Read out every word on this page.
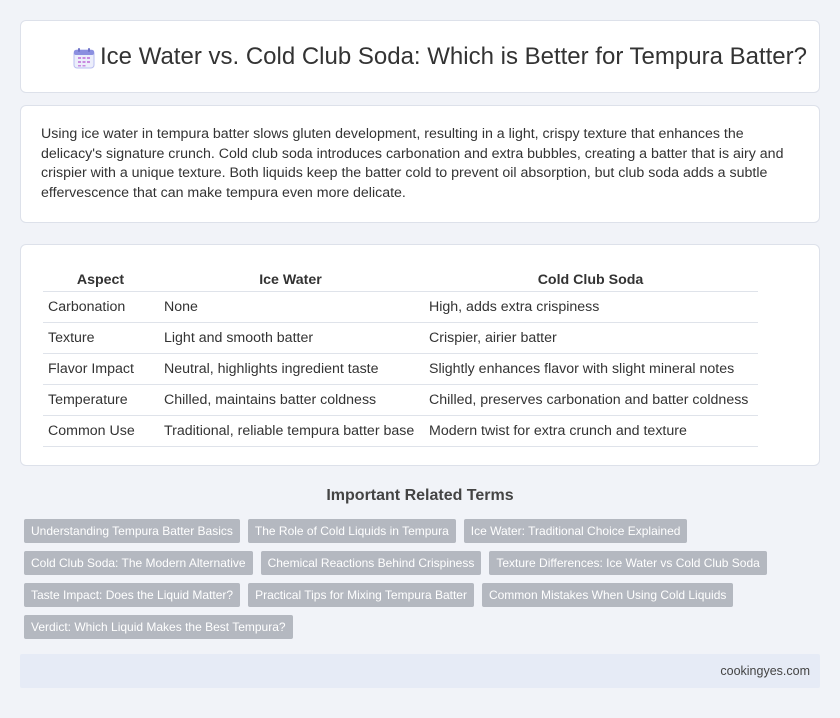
Ice Water vs. Cold Club Soda: Which is Better for Tempura Batter?

Using ice water in tempura batter slows gluten development, resulting in a light, crispy texture that enhances the delicacy's signature crunch. Cold club soda introduces carbonation and extra bubbles, creating a batter that is airy and crispier with a unique texture. Both liquids keep the batter cold to prevent oil absorption, but club soda adds a subtle effervescence that can make tempura even more delicate.

Aspect	Ice Water	Cold Club Soda
Carbonation	None	High, adds extra crispiness
Texture	Light and smooth batter	Crispier, airier batter
Flavor Impact	Neutral, highlights ingredient taste	Slightly enhances flavor with slight mineral notes
Temperature	Chilled, maintains batter coldness	Chilled, preserves carbonation and batter coldness
Common Use	Traditional, reliable tempura batter base	Modern twist for extra crunch and texture
Important Related Terms
Understanding Tempura Batter Basics	The Role of Cold Liquids in Tempura	Ice Water: Traditional Choice Explained
Cold Club Soda: The Modern Alternative	Chemical Reactions Behind Crispiness	Texture Differences: Ice Water vs Cold Club Soda
Taste Impact: Does the Liquid Matter?	Practical Tips for Mixing Tempura Batter	Common Mistakes When Using Cold Liquids
Verdict: Which Liquid Makes the Best Tempura?
cookingyes.com
